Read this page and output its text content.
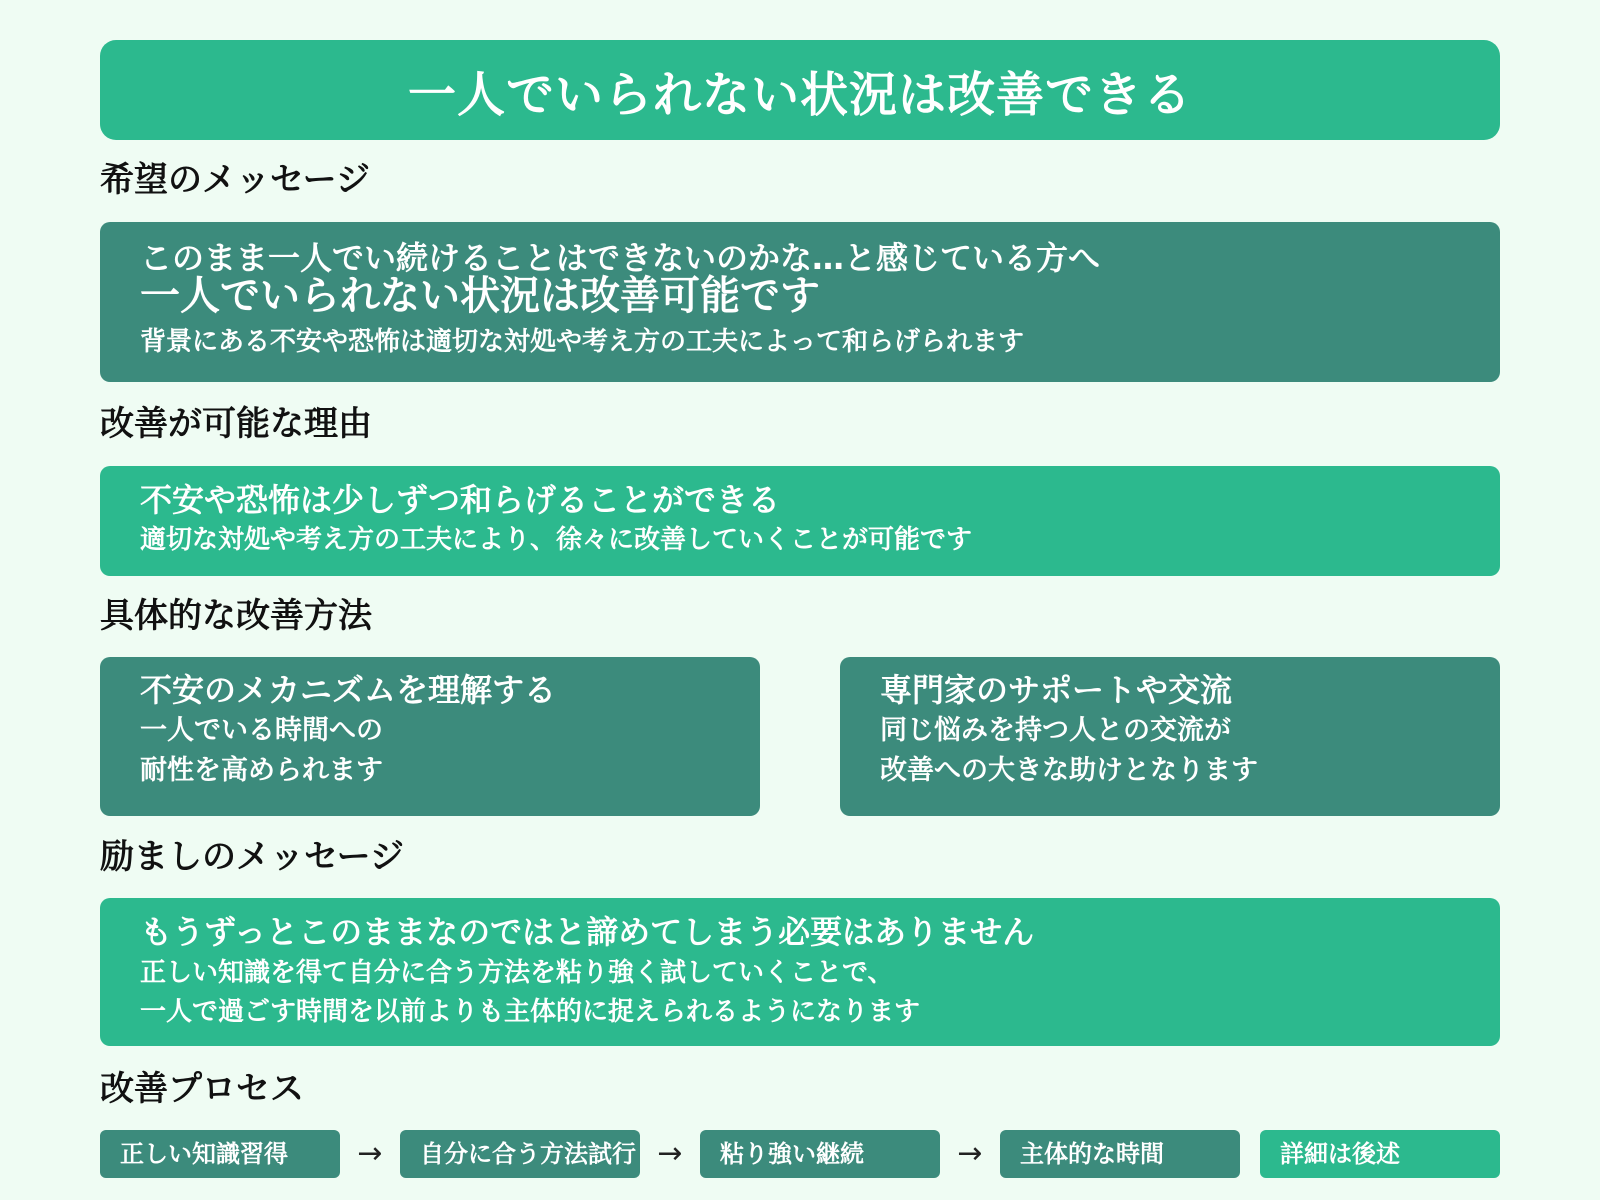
一人でいられない状況は改善できる
希望のメッセージ
このまま一人でい続けることはできないのかな…と感じている方へ
一人でいられない状況は改善可能です
背景にある不安や恐怖は適切な対処や考え方の工夫によって和らげられます
改善が可能な理由
不安や恐怖は少しずつ和らげることができる
適切な対処や考え方の工夫により、徐々に改善していくことが可能です
具体的な改善方法
不安のメカニズムを理解する
一人でいる時間への
耐性を高められます
専門家のサポートや交流
同じ悩みを持つ人との交流が
改善への大きな助けとなります
励ましのメッセージ
もうずっとこのままなのではと諦めてしまう必要はありません
正しい知識を得て自分に合う方法を粘り強く試していくことで、
一人で過ごす時間を以前よりも主体的に捉えられるようになります
改善プロセス
正しい知識習得	→	自分に合う方法試行 →	粘り強い継続	→	主体的な時間	詳細は後述
